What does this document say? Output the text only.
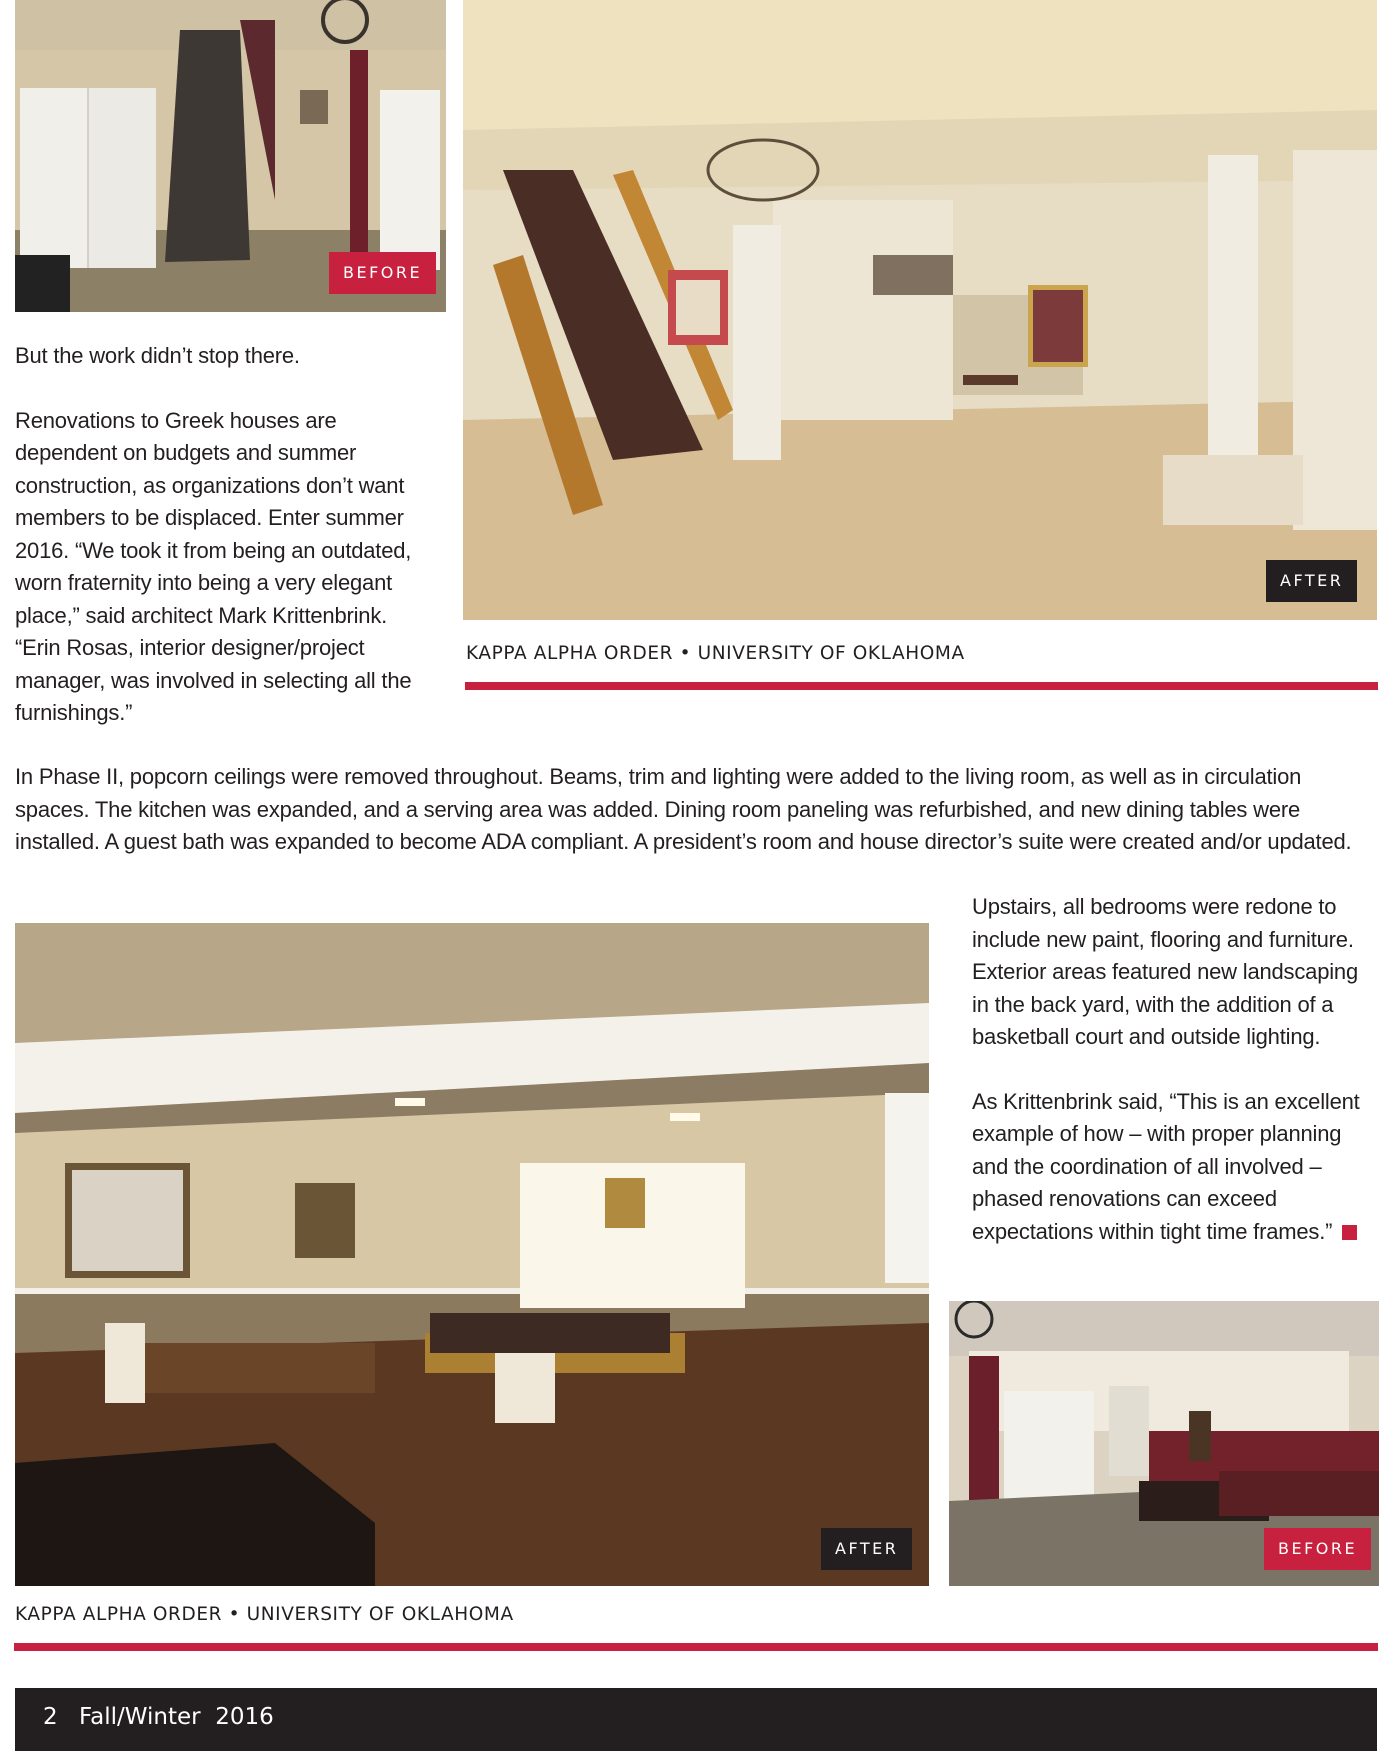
BEFORE
AFTER
KAPPA ALPHA ORDER • UNIVERSITY OF OKLAHOMA

But the work didn’t stop there.

Renovations to Greek houses are dependent on budgets and summer construction, as organizations don’t want members to be displaced. Enter summer 2016. “We took it from being an outdated, worn fraternity into being a very elegant place,” said architect Mark Krittenbrink. “Erin Rosas, interior designer/project manager, was involved in selecting all the furnishings.”

In Phase II, popcorn ceilings were removed throughout. Beams, trim and lighting were added to the living room, as well as in circulation spaces. The kitchen was expanded, and a serving area was added. Dining room paneling was refurbished, and new dining tables were installed. A guest bath was expanded to become ADA compliant. A president’s room and house director’s suite were created and/or updated.

Upstairs, all bedrooms were redone to include new paint, flooring and furniture. Exterior areas featured new landscaping in the back yard, with the addition of a basketball court and outside lighting.

As Krittenbrink said, “This is an excellent example of how – with proper planning and the coordination of all involved – phased renovations can exceed expectations within tight time frames.”

AFTER	BEFORE
KAPPA ALPHA ORDER • UNIVERSITY OF OKLAHOMA
2 Fall/Winter  2016
